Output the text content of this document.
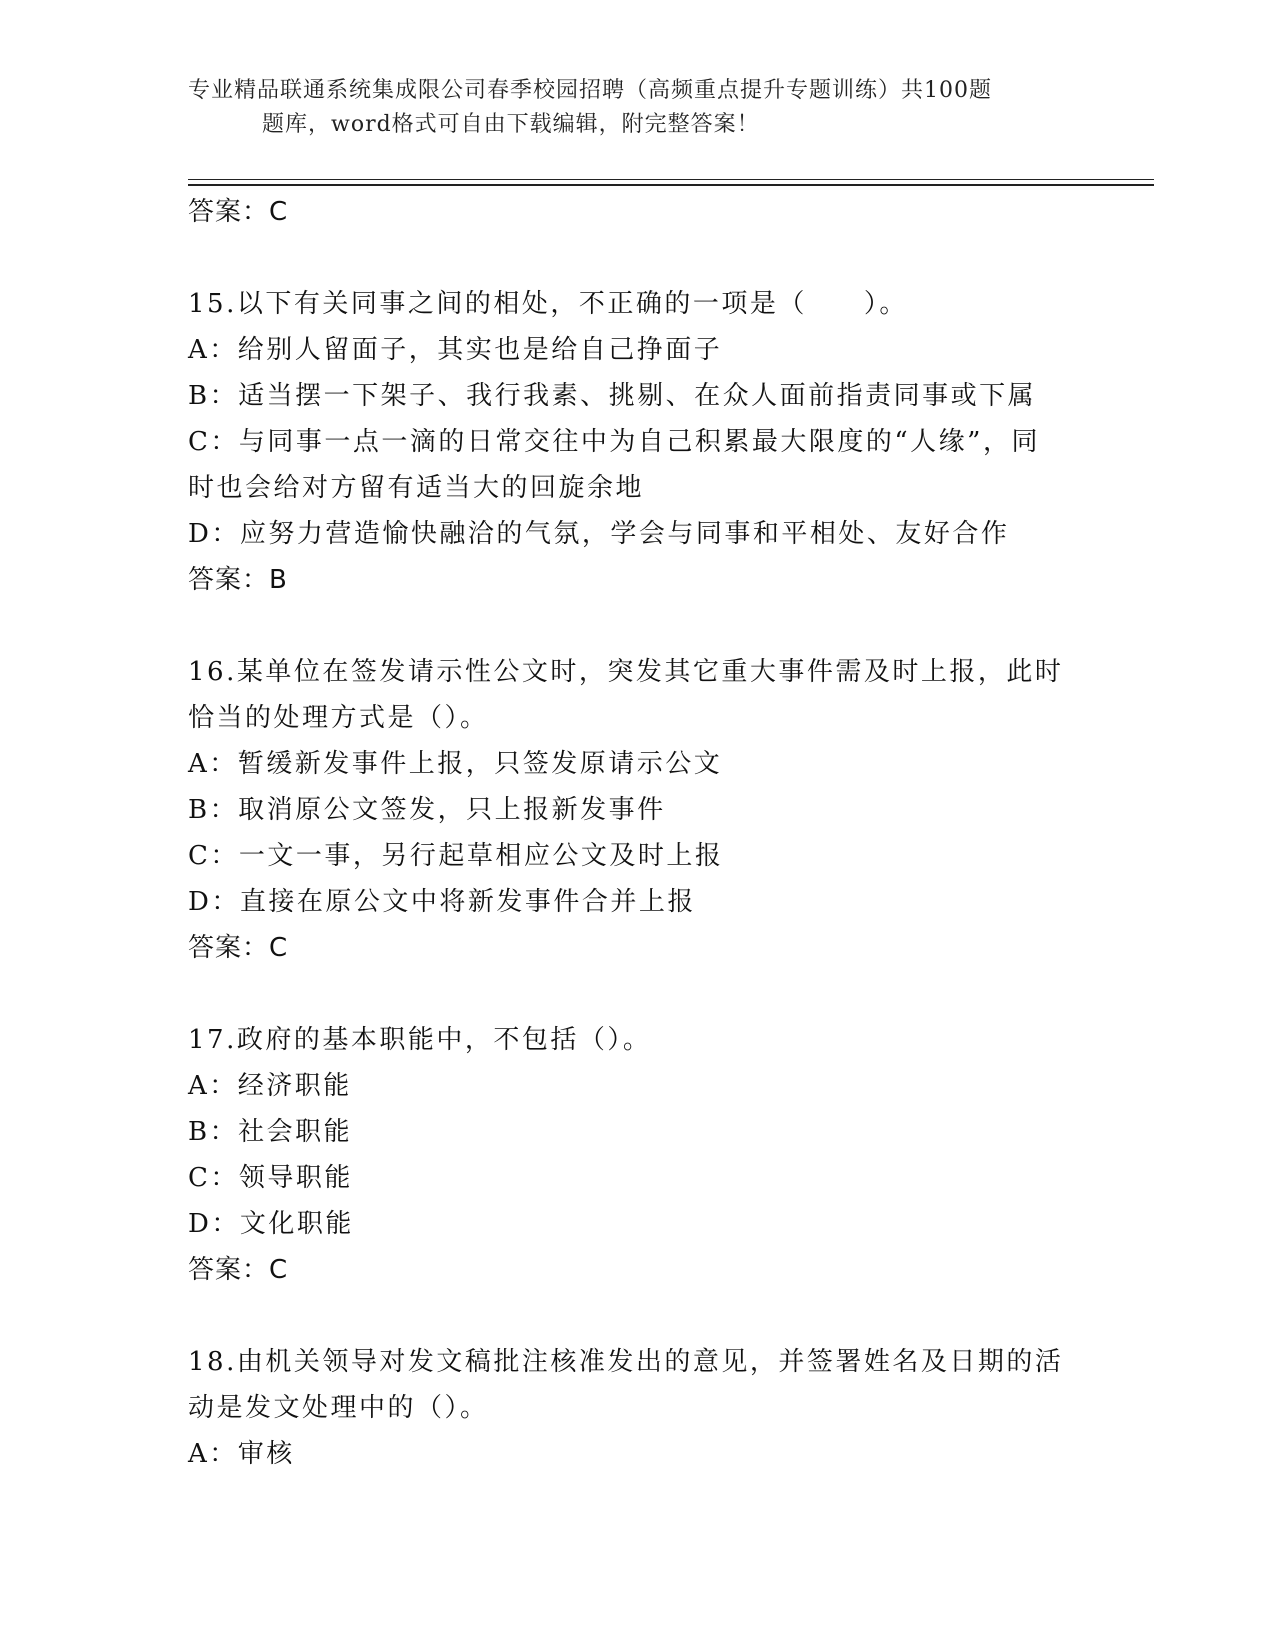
专业精品联通系统集成限公司春季校园招聘（高频重点提升专题训练）共100题
题库，word格式可自由下载编辑，附完整答案！
答案：C
15.以下有关同事之间的相处，不正确的一项是（　　）。
A：给别人留面子，其实也是给自己挣面子
B：适当摆一下架子、我行我素、挑剔、在众人面前指责同事或下属
C：与同事一点一滴的日常交往中为自己积累最大限度的“人缘”，同
时也会给对方留有适当大的回旋余地
D：应努力营造愉快融洽的气氛，学会与同事和平相处、友好合作
答案：B
16.某单位在签发请示性公文时，突发其它重大事件需及时上报，此时
恰当的处理方式是（）。
A：暂缓新发事件上报，只签发原请示公文
B：取消原公文签发，只上报新发事件
C：一文一事，另行起草相应公文及时上报
D：直接在原公文中将新发事件合并上报
答案：C
17.政府的基本职能中，不包括（）。
A：经济职能
B：社会职能
C：领导职能
D：文化职能
答案：C
18.由机关领导对发文稿批注核准发出的意见，并签署姓名及日期的活
动是发文处理中的（）。
A：审核
